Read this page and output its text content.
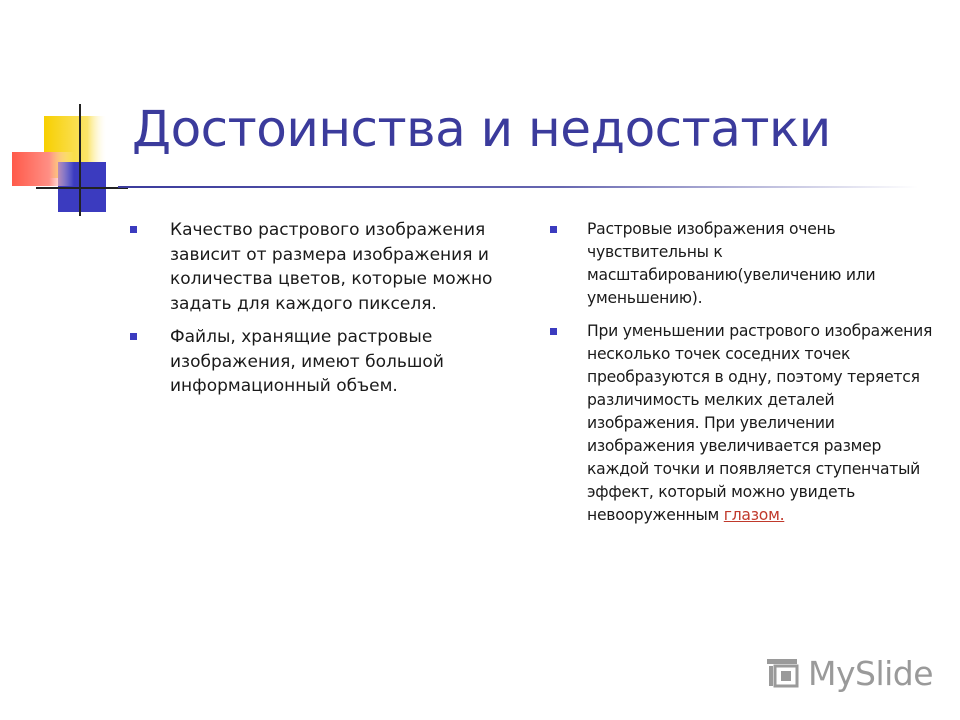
Достоинства и недостатки
Качество растрового изображения зависит от размера изображения и количества цветов, которые можно задать для каждого пикселя.
Файлы, хранящие растровые изображения, имеют большой информационный объем.
Растровые изображения очень чувствительны к масштабированию(увеличению или уменьшению).
При уменьшении растрового изображения несколько точек соседних точек преобразуются в одну, поэтому теряется различимость мелких деталей изображения. При увеличении изображения увеличивается размер каждой точки и появляется ступенчатый эффект, который можно увидеть невооруженным глазом.
MySlide
